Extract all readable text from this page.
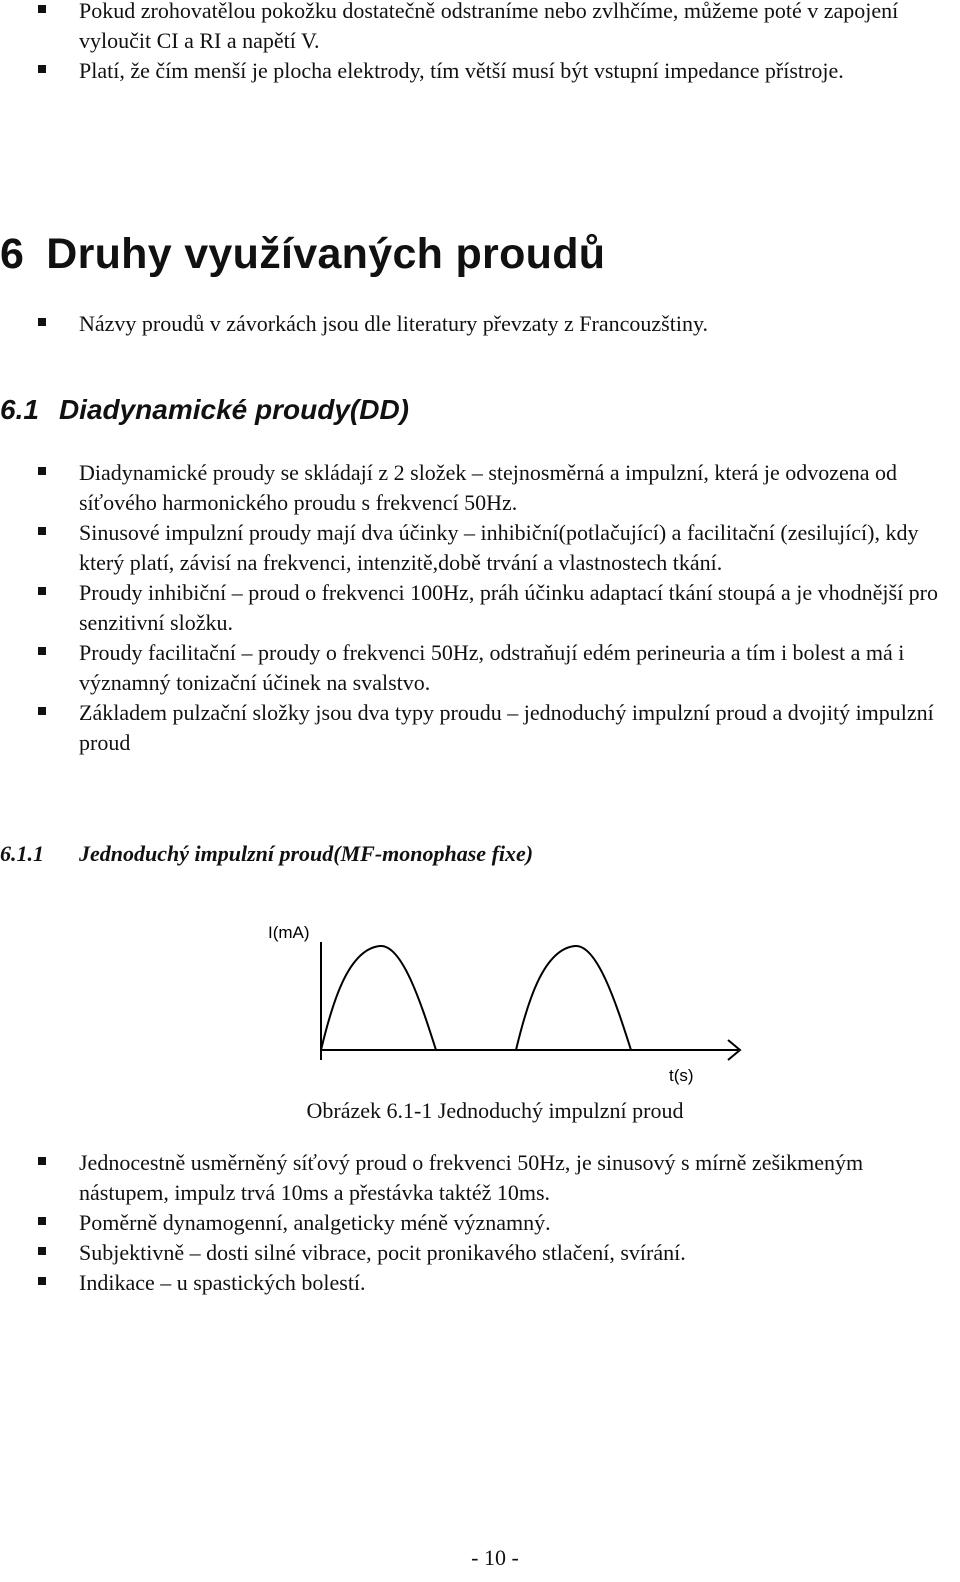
Pokud zrohovatělou pokožku dostatečně odstraníme nebo zvlhčíme, můžeme poté v zapojení vyloučit CI a RI a napětí V.
Platí, že čím menší je plocha elektrody, tím větší musí být vstupní impedance přístroje.
6 Druhy využívaných proudů
Názvy proudů v závorkách jsou dle literatury převzaty z Francouzštiny.
6.1 Diadynamické proudy(DD)
Diadynamické proudy se skládají z 2 složek – stejnosměrná a impulzní, která je odvozena od síťového harmonického proudu s frekvencí 50Hz.
Sinusové impulzní proudy mají dva účinky – inhibiční(potlačující) a facilitační (zesilující), kdy který platí, závisí na frekvenci, intenzitě,době trvání a vlastnostech tkání.
Proudy inhibiční – proud o frekvenci 100Hz, práh účinku adaptací tkání stoupá a je vhodnější pro senzitivní složku.
Proudy facilitační – proudy o frekvenci 50Hz, odstraňují edém perineuria a tím i bolest a má i významný tonizační účinek na svalstvo.
Základem pulzační složky jsou dva typy proudu – jednoduchý impulzní proud a dvojitý impulzní proud
6.1.1 Jednoduchý impulzní proud(MF-monophase fixe)
I(mA)
t(s)
Obrázek 6.1-1 Jednoduchý impulzní proud
Jednocestně usměrněný síťový proud o frekvenci 50Hz, je sinusový s mírně zešikmeným nástupem, impulz trvá 10ms a přestávka taktéž 10ms.
Poměrně dynamogenní, analgeticky méně významný.
Subjektivně – dosti silné vibrace, pocit pronikavého stlačení, svírání.
Indikace – u spastických bolestí.
- 10 -
